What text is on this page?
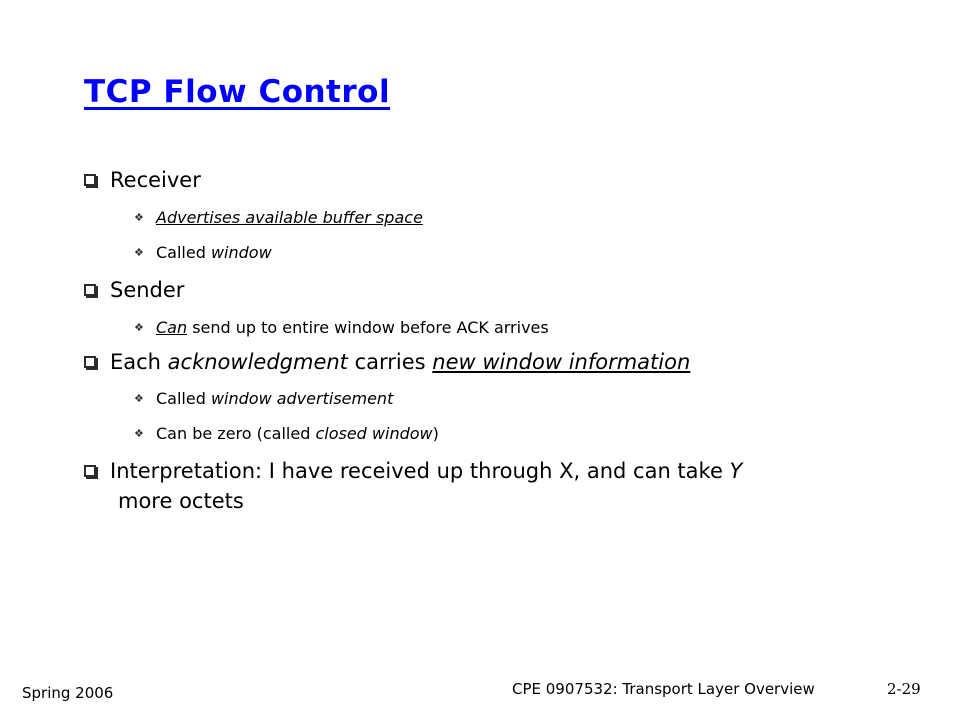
TCP Flow Control
Receiver
❖ Advertises available buffer space
❖ Called window
Sender
❖ Can send up to entire window before ACK arrives
Each acknowledgment carries new window information
❖ Called window advertisement
❖ Can be zero (called closed window)
Interpretation: I have received up through X, and can take Y
more octets
Spring 2006	CPE 0907532: Transport Layer Overview	2-29
